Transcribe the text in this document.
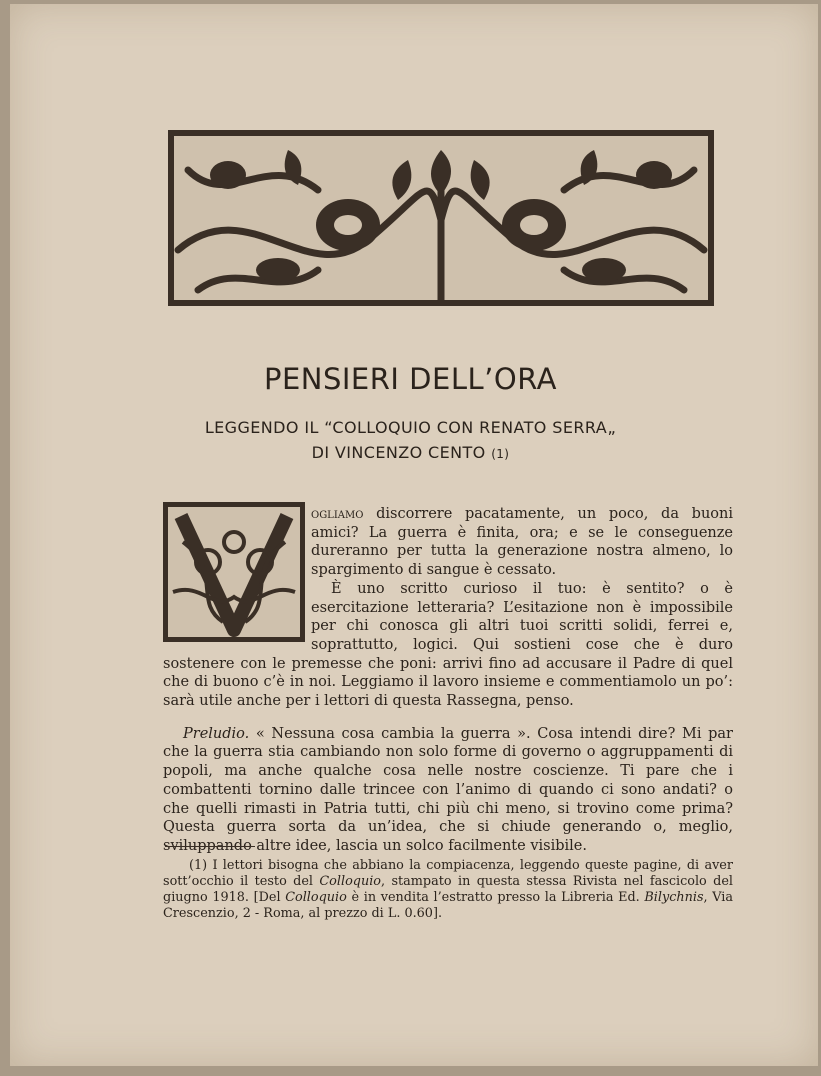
PENSIERI DELL’ORA
LEGGENDO IL “COLLOQUIO CON RENATO SERRA„
DI VINCENZO CENTO (1)

ogliamo discorrere pacatamente, un poco, da buoni amici? La guerra è finita, ora; e se le conseguenze dureranno per tutta la generazione nostra almeno, lo spargimento di sangue è cessato.

È uno scritto curioso il tuo: è sentito? o è esercitazione letteraria? L’esitazione non è impossibile per chi conosca gli altri tuoi scritti solidi, ferrei e, soprattutto, logici. Qui sostieni cose che è duro sostenere con le premesse che poni: arrivi fino ad accusare il Padre di quel che di buono c’è in noi. Leggiamo il lavoro insieme e commentiamolo un po’: sarà utile anche per i lettori di questa Rassegna, penso.

Preludio. « Nessuna cosa cambia la guerra ». Cosa intendi dire? Mi par che la guerra stia cambiando non solo forme di governo o aggruppamenti di popoli, ma anche qualche cosa nelle nostre coscienze. Ti pare che i combattenti tornino dalle trincee con l’animo di quando ci sono andati? o che quelli rimasti in Patria tutti, chi più chi meno, si trovino come prima? Questa guerra sorta da un’idea, che si chiude generando o, meglio, sviluppando altre idee, lascia un solco facilmente visibile.

(1) I lettori bisogna che abbiano la compiacenza, leggendo queste pagine, di aver sott’occhio il testo del Colloquio, stampato in questa stessa Rivista nel fascicolo del giugno 1918. [Del Colloquio è in vendita l’estratto presso la Libreria Ed. Bilychnis, Via Crescenzio, 2 - Roma, al prezzo di L. 0.60].
